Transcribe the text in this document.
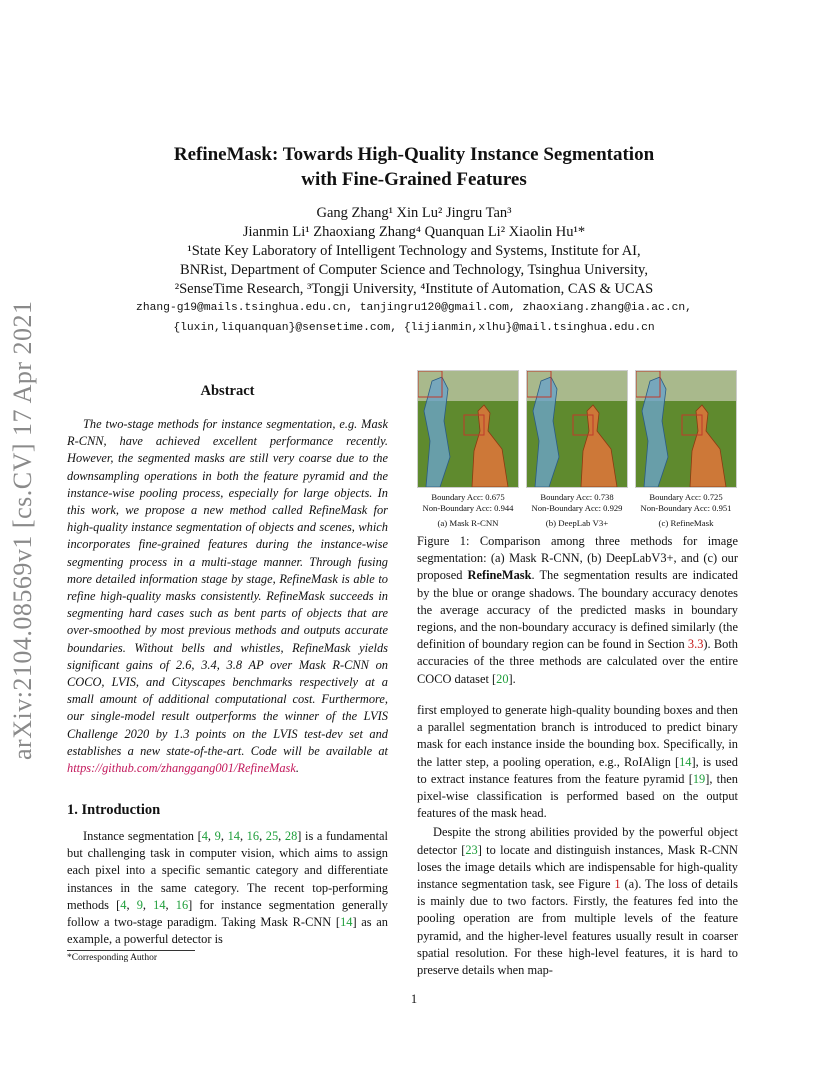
arXiv:2104.08569v1 [cs.CV] 17 Apr 2021
RefineMask: Towards High-Quality Instance Segmentation
with Fine-Grained Features
Gang Zhang¹ Xin Lu² Jingru Tan³
Jianmin Li¹ Zhaoxiang Zhang⁴ Quanquan Li² Xiaolin Hu¹*
¹State Key Laboratory of Intelligent Technology and Systems, Institute for AI,
BNRist, Department of Computer Science and Technology, Tsinghua University,
²SenseTime Research, ³Tongji University, ⁴Institute of Automation, CAS & UCAS
zhang-g19@mails.tsinghua.edu.cn, tanjingru120@gmail.com, zhaoxiang.zhang@ia.ac.cn,
{luxin,liquanquan}@sensetime.com, {lijianmin,xlhu}@mail.tsinghua.edu.cn
Abstract

The two-stage methods for instance segmentation, e.g. Mask R-CNN, have achieved excellent performance recently. However, the segmented masks are still very coarse due to the downsampling operations in both the feature pyramid and the instance-wise pooling process, especially for large objects. In this work, we propose a new method called RefineMask for high-quality instance segmentation of objects and scenes, which incorporates fine-grained features during the instance-wise segmenting process in a multi-stage manner. Through fusing more detailed information stage by stage, RefineMask is able to refine high-quality masks consistently. RefineMask succeeds in segmenting hard cases such as bent parts of objects that are over-smoothed by most previous methods and outputs accurate boundaries. Without bells and whistles, RefineMask yields significant gains of 2.6, 3.4, 3.8 AP over Mask R-CNN on COCO, LVIS, and Cityscapes benchmarks respectively at a small amount of additional computational cost. Furthermore, our single-model result outperforms the winner of the LVIS Challenge 2020 by 1.3 points on the LVIS test-dev set and establishes a new state-of-the-art. Code will be available at https://github.com/zhanggang001/RefineMask.

1. Introduction

Instance segmentation [4, 9, 14, 16, 25, 28] is a fundamental but challenging task in computer vision, which aims to assign each pixel into a specific semantic category and differentiate instances in the same category. The recent top-performing methods [4, 9, 14, 16] for instance segmentation generally follow a two-stage paradigm. Taking Mask R-CNN [14] as an example, a powerful detector is

*Corresponding Author
Boundary Acc: 0.675
Non-Boundary Acc: 0.944
(a) Mask R-CNN
Boundary Acc: 0.738
Non-Boundary Acc: 0.929
(b) DeepLab V3+
Boundary Acc: 0.725
Non-Boundary Acc: 0.951
(c) RefineMask

Figure 1: Comparison among three methods for image segmentation: (a) Mask R-CNN, (b) DeepLabV3+, and (c) our proposed RefineMask. The segmentation results are indicated by the blue or orange shadows. The boundary accuracy denotes the average accuracy of the predicted masks in boundary regions, and the non-boundary accuracy is defined similarly (the definition of boundary region can be found in Section 3.3). Both accuracies of the three methods are calculated over the entire COCO dataset [20].

first employed to generate high-quality bounding boxes and then a parallel segmentation branch is introduced to predict binary mask for each instance inside the bounding box. Specifically, in the latter step, a pooling operation, e.g., RoIAlign [14], is used to extract instance features from the feature pyramid [19], then pixel-wise classification is performed based on the output features of the mask head.

Despite the strong abilities provided by the powerful object detector [23] to locate and distinguish instances, Mask R-CNN loses the image details which are indispensable for high-quality instance segmentation task, see Figure 1 (a). The loss of details is mainly due to two factors. Firstly, the features fed into the pooling operation are from multiple levels of the feature pyramid, and the higher-level features usually result in coarser spatial resolution. For these high-level features, it is hard to preserve details when map-

1
